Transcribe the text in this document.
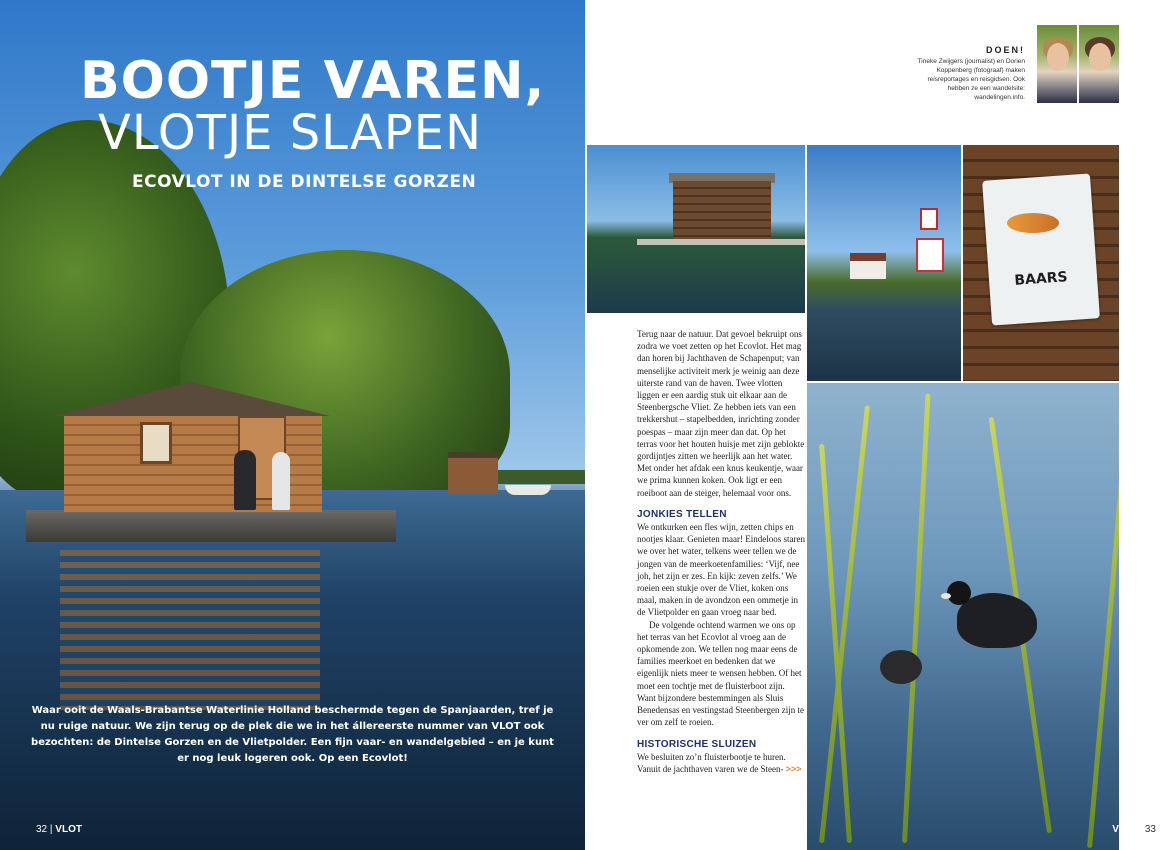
BOOTJE VAREN,
VLOTJE SLAPEN
ECOVLOT IN DE DINTELSE GORZEN
Waar ooit de Waals-Brabantse Waterlinie Holland beschermde tegen de Spanjaarden, tref je nu ruige natuur. We zijn terug op de plek die we in het állereerste nummer van VLOT ook bezochten: de Dintelse Gorzen en de Vlietpolder. Een fijn vaar- en wandelgebied – en je kunt er nog leuk logeren ook. Op een Ecovlot!
32 | VLOT
DOEN!
Tineke Zwijgers (journalist) en Dorien Koppenberg (fotograaf) maken reisreportages en reisgidsen. Ook hebben ze een wandelsite: wandelingen.info.
BAARS

Terug naar de natuur. Dat gevoel bekruipt ons zodra we voet zetten op het Ecovlot. Het mag dan horen bij Jachthaven de Schapenput; van menselijke activiteit merk je weinig aan deze uiterste rand van de haven. Twee vlotten liggen er een aardig stuk uit elkaar aan de Steenbergsche Vliet. Ze hebben iets van een trekkershut – stapelbedden, inrichting zonder poespas – maar zijn meer dan dat. Op het terras voor het houten huisje met zijn geblokte gordijntjes zitten we heerlijk aan het water. Met onder het afdak een knus keukentje, waar we prima kunnen koken. Ook ligt er een roeiboot aan de steiger, helemaal voor ons.

JONKIES TELLEN

We ontkurken een fles wijn, zetten chips en nootjes klaar. Genieten maar! Eindeloos staren we over het water, telkens weer tellen we de jongen van de meerkoetenfamilies: ‘Vijf, nee joh, het zijn er zes. En kijk: zeven zelfs.’ We roeien een stukje over de Vliet, koken ons maal, maken in de avondzon een ommetje in de Vlietpolder en gaan vroeg naar bed.

De volgende ochtend warmen we ons op het terras van het Ecovlot al vroeg aan de opkomende zon. We tellen nog maar eens de families meerkoet en bedenken dat we eigenlijk niets meer te wensen hebben. Of het moet een tochtje met de fluisterboot zijn. Want bijzondere bestemmingen als Sluis Benedensas en vestingstad Steenbergen zijn te ver om zelf te roeien.

HISTORISCHE SLUIZEN

We besluiten zo’n fluisterbootje te huren. Vanuit de jachthaven varen we de Steen- >>>

VLOT 33
